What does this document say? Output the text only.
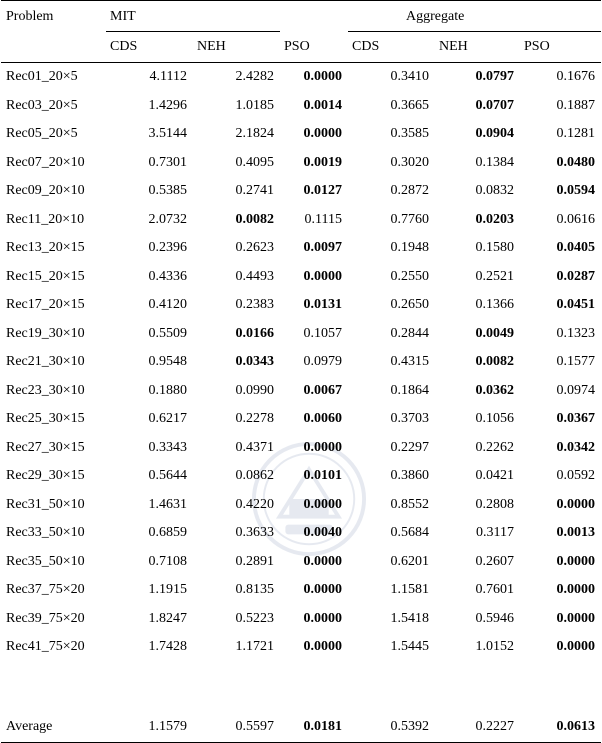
Problem	MIT			Aggregate		
	CDS	NEH	PSO	CDS	NEH	PSO
Rec01_20×5	4.1112	2.4282	0.0000	0.3410	0.0797	0.1676
Rec03_20×5	1.4296	1.0185	0.0014	0.3665	0.0707	0.1887
Rec05_20×5	3.5144	2.1824	0.0000	0.3585	0.0904	0.1281
Rec07_20×10	0.7301	0.4095	0.0019	0.3020	0.1384	0.0480
Rec09_20×10	0.5385	0.2741	0.0127	0.2872	0.0832	0.0594
Rec11_20×10	2.0732	0.0082	0.1115	0.7760	0.0203	0.0616
Rec13_20×15	0.2396	0.2623	0.0097	0.1948	0.1580	0.0405
Rec15_20×15	0.4336	0.4493	0.0000	0.2550	0.2521	0.0287
Rec17_20×15	0.4120	0.2383	0.0131	0.2650	0.1366	0.0451
Rec19_30×10	0.5509	0.0166	0.1057	0.2844	0.0049	0.1323
Rec21_30×10	0.9548	0.0343	0.0979	0.4315	0.0082	0.1577
Rec23_30×10	0.1880	0.0990	0.0067	0.1864	0.0362	0.0974
Rec25_30×15	0.6217	0.2278	0.0060	0.3703	0.1056	0.0367
Rec27_30×15	0.3343	0.4371	0.0000	0.2297	0.2262	0.0342
Rec29_30×15	0.5644	0.0862	0.0101	0.3860	0.0421	0.0592
Rec31_50×10	1.4631	0.4220	0.0000	0.8552	0.2808	0.0000
Rec33_50×10	0.6859	0.3633	0.0040	0.5684	0.3117	0.0013
Rec35_50×10	0.7108	0.2891	0.0000	0.6201	0.2607	0.0000
Rec37_75×20	1.1915	0.8135	0.0000	1.1581	0.7601	0.0000
Rec39_75×20	1.8247	0.5223	0.0000	1.5418	0.5946	0.0000
Rec41_75×20	1.7428	1.1721	0.0000	1.5445	1.0152	0.0000

Average	1.1579	0.5597	0.0181	0.5392	0.2227	0.0613
